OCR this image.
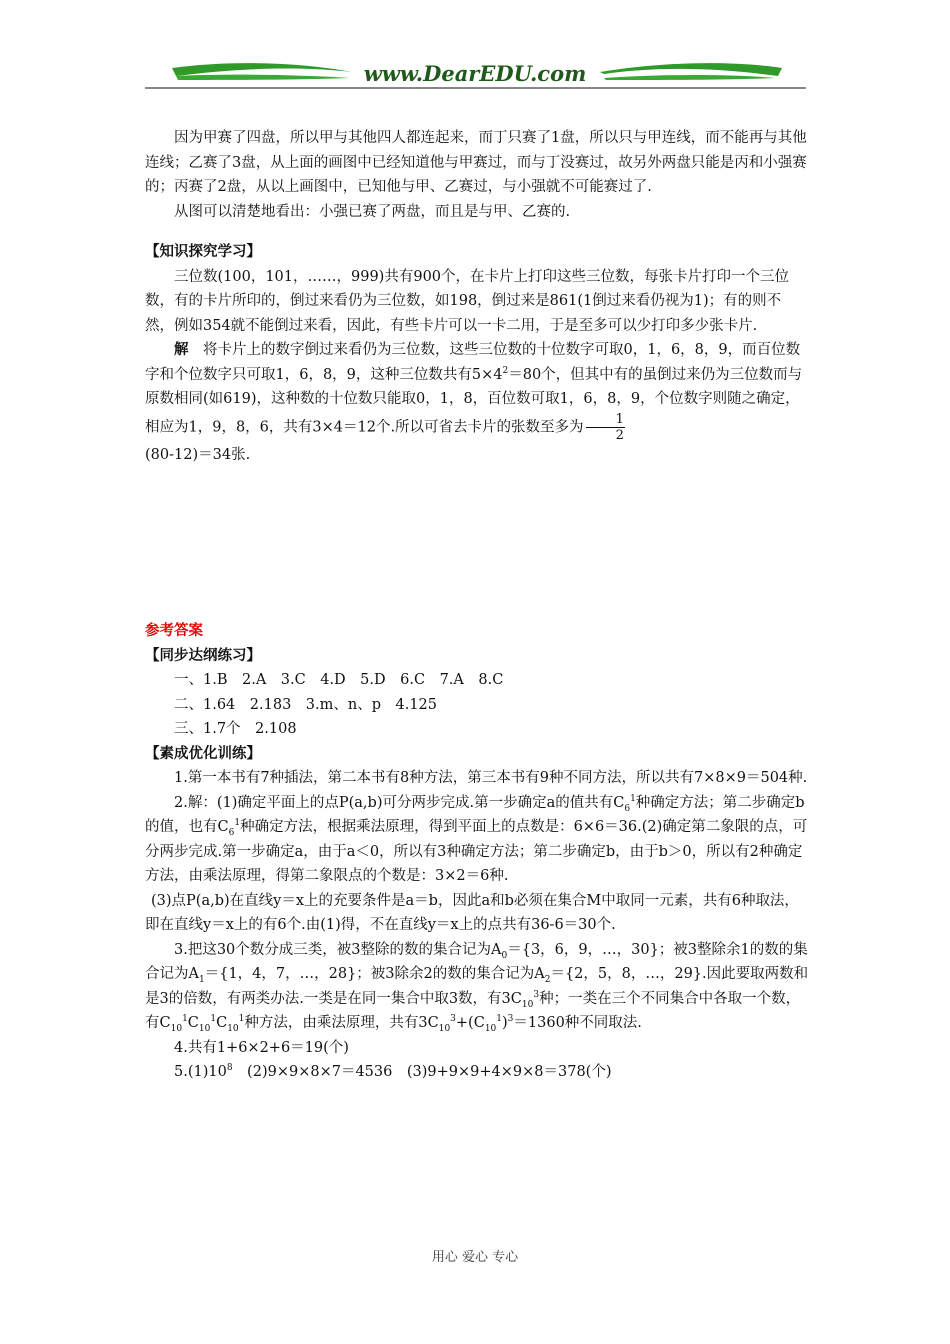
www.DearEDU.com

因为甲赛了四盘，所以甲与其他四人都连起来，而丁只赛了1盘，所以只与甲连线，而不能再与其他连线；乙赛了3盘，从上面的画图中已经知道他与甲赛过，而与丁没赛过，故另外两盘只能是丙和小强赛的；丙赛了2盘，从以上画图中，已知他与甲、乙赛过，与小强就不可能赛过了.

从图可以清楚地看出：小强已赛了两盘，而且是与甲、乙赛的.

【知识探究学习】

三位数(100，101，……，999)共有900个，在卡片上打印这些三位数，每张卡片打印一个三位数，有的卡片所印的，倒过来看仍为三位数，如198，倒过来是861(1倒过来看仍视为1)；有的则不然，例如354就不能倒过来看，因此，有些卡片可以一卡二用，于是至多可以少打印多少张卡片.

解　 将卡片上的数字倒过来看仍为三位数，这些三位数的十位数字可取0，1，6，8，9，而百位数字和个位数字只可取1，6，8，9，这种三位数共有$5\times 4^2=80$个，但其中有的虽倒过来仍为三位数而与原数相同(如619)，这种数的十位数只能取0，1，8，百位数可取1，6，8，9，个位数字则随之确定，相应为1，9，8，6，共有3×4＝12个.所以可省去卡片的张数至多为 $\frac{1}{2}$

(80-12)＝34张.

参考答案

【同步达纲练习】

一、1.B　2.A　3.C　4.D　5.D　6.C　7.A　8.C

二、1.64　2.183　3.m、n、p　4.125

三、1.7个　2.108

【素成优化训练】

1.第一本书有7种插法，第二本书有8种方法，第三本书有9种不同方法，所以共有7×8×9＝504种.

2.解：(1)确定平面上的点P(a,b)可分两步完成.第一步确定a的值共有$C_6^1$种确定方法；第二步确定b的值，也有$C_6^1$种确定方法，根据乘法原理，得到平面上的点数是：6×6＝36.(2)确定第二象限的点，可分两步完成.第一步确定a，由于a＜0，所以有3种确定方法；第二步确定b，由于b＞0，所以有2种确定方法，由乘法原理，得第二象限点的个数是：3×2＝6种.

(3)点P(a,b)在直线y＝x上的充要条件是a＝b，因此a和b必须在集合M中取同一元素，共有6种取法，即在直线y＝x上的有6个.由(1)得，不在直线y＝x上的点共有36-6＝30个.

3.把这30个数分成三类，被3整除的数的集合记为$A_0=\{3$，6，9，…，30}；被3整除余1的数的集合记为$A_1=\{1$，4，7，…，28}；被3除余2的数的集合记为$A_2=\{2$，5，8，…，29}.因此要取两数和是3的倍数，有两类办法.一类是在同一集合中取3数，有$3C_{10}^3$种；一类在三个不同集合中各取一个数，有$C_{10}^1C_{10}^1C_{10}^1$种方法，由乘法原理，共有$3C_{10}^3+(C_{10}^1)^3=1360$种不同取法.

4.共有1+6×2+6＝19(个)

$5.(1)10^8$　(2)9×9×8×7＝4536　(3)9+9×9+4×9×8＝378(个)

用心 爱心 专心
